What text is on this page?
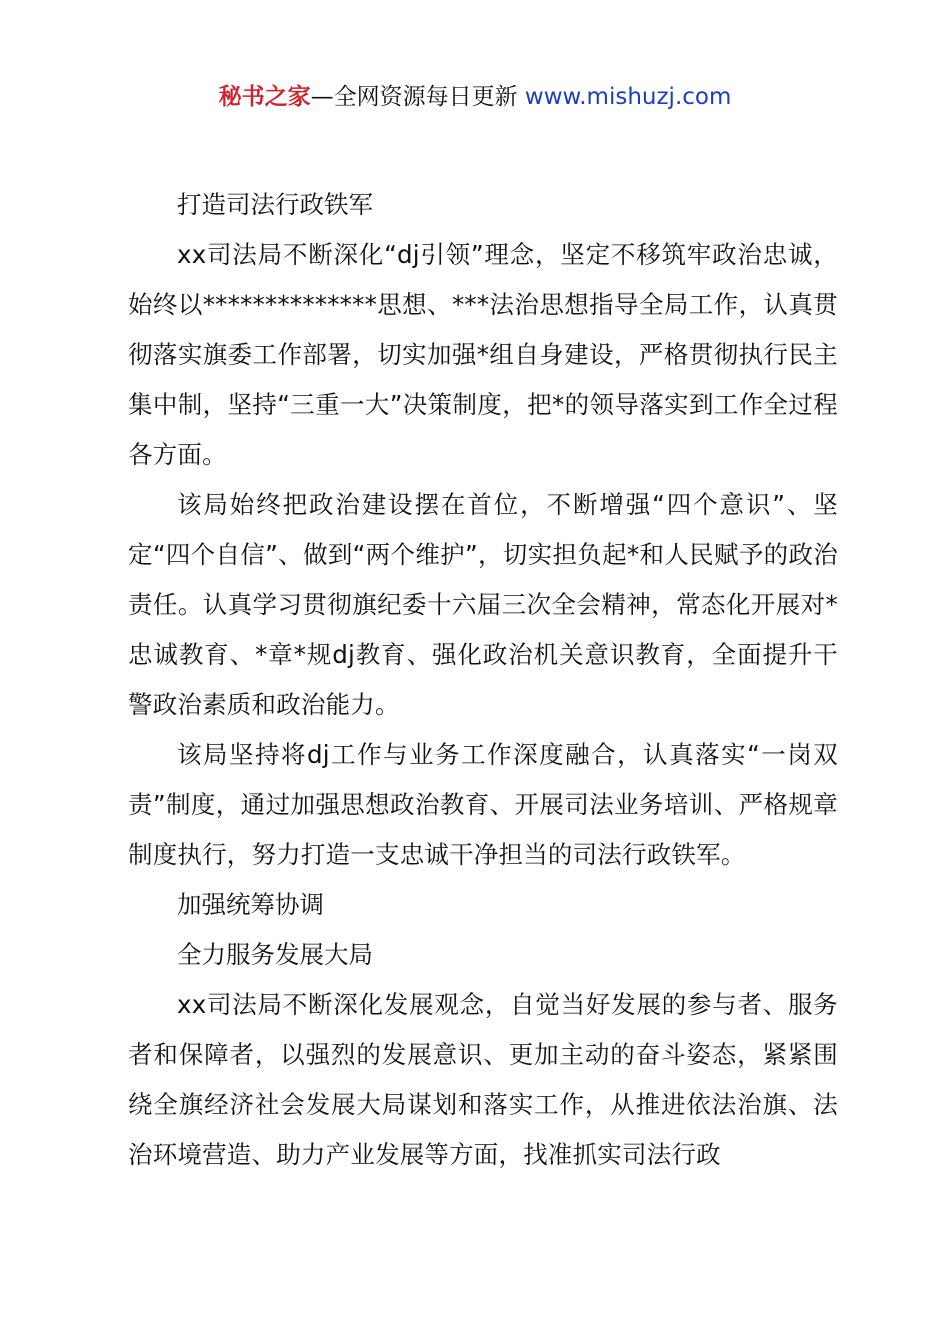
秘书之家—全网资源每日更新 www.mishuzj.com

打造司法行政铁军

xx司法局不断深化“dj引领”理念，坚定不移筑牢政治忠诚，始终以**************思想、***法治思想指导全局工作，认真贯彻落实旗委工作部署，切实加强*组自身建设，严格贯彻执行民主集中制，坚持“三重一大”决策制度，把*的领导落实到工作全过程各方面。

该局始终把政治建设摆在首位，不断增强“四个意识”、坚定“四个自信”、做到“两个维护”，切实担负起*和人民赋予的政治责任。认真学习贯彻旗纪委十六届三次全会精神，常态化开展对*忠诚教育、*章*规dj教育、强化政治机关意识教育，全面提升干警政治素质和政治能力。

该局坚持将dj工作与业务工作深度融合，认真落实“一岗双责”制度，通过加强思想政治教育、开展司法业务培训、严格规章制度执行，努力打造一支忠诚干净担当的司法行政铁军。

加强统筹协调

全力服务发展大局

xx司法局不断深化发展观念，自觉当好发展的参与者、服务者和保障者，以强烈的发展意识、更加主动的奋斗姿态，紧紧围绕全旗经济社会发展大局谋划和落实工作，从推进依法治旗、法治环境营造、助力产业发展等方面，找准抓实司法行政
